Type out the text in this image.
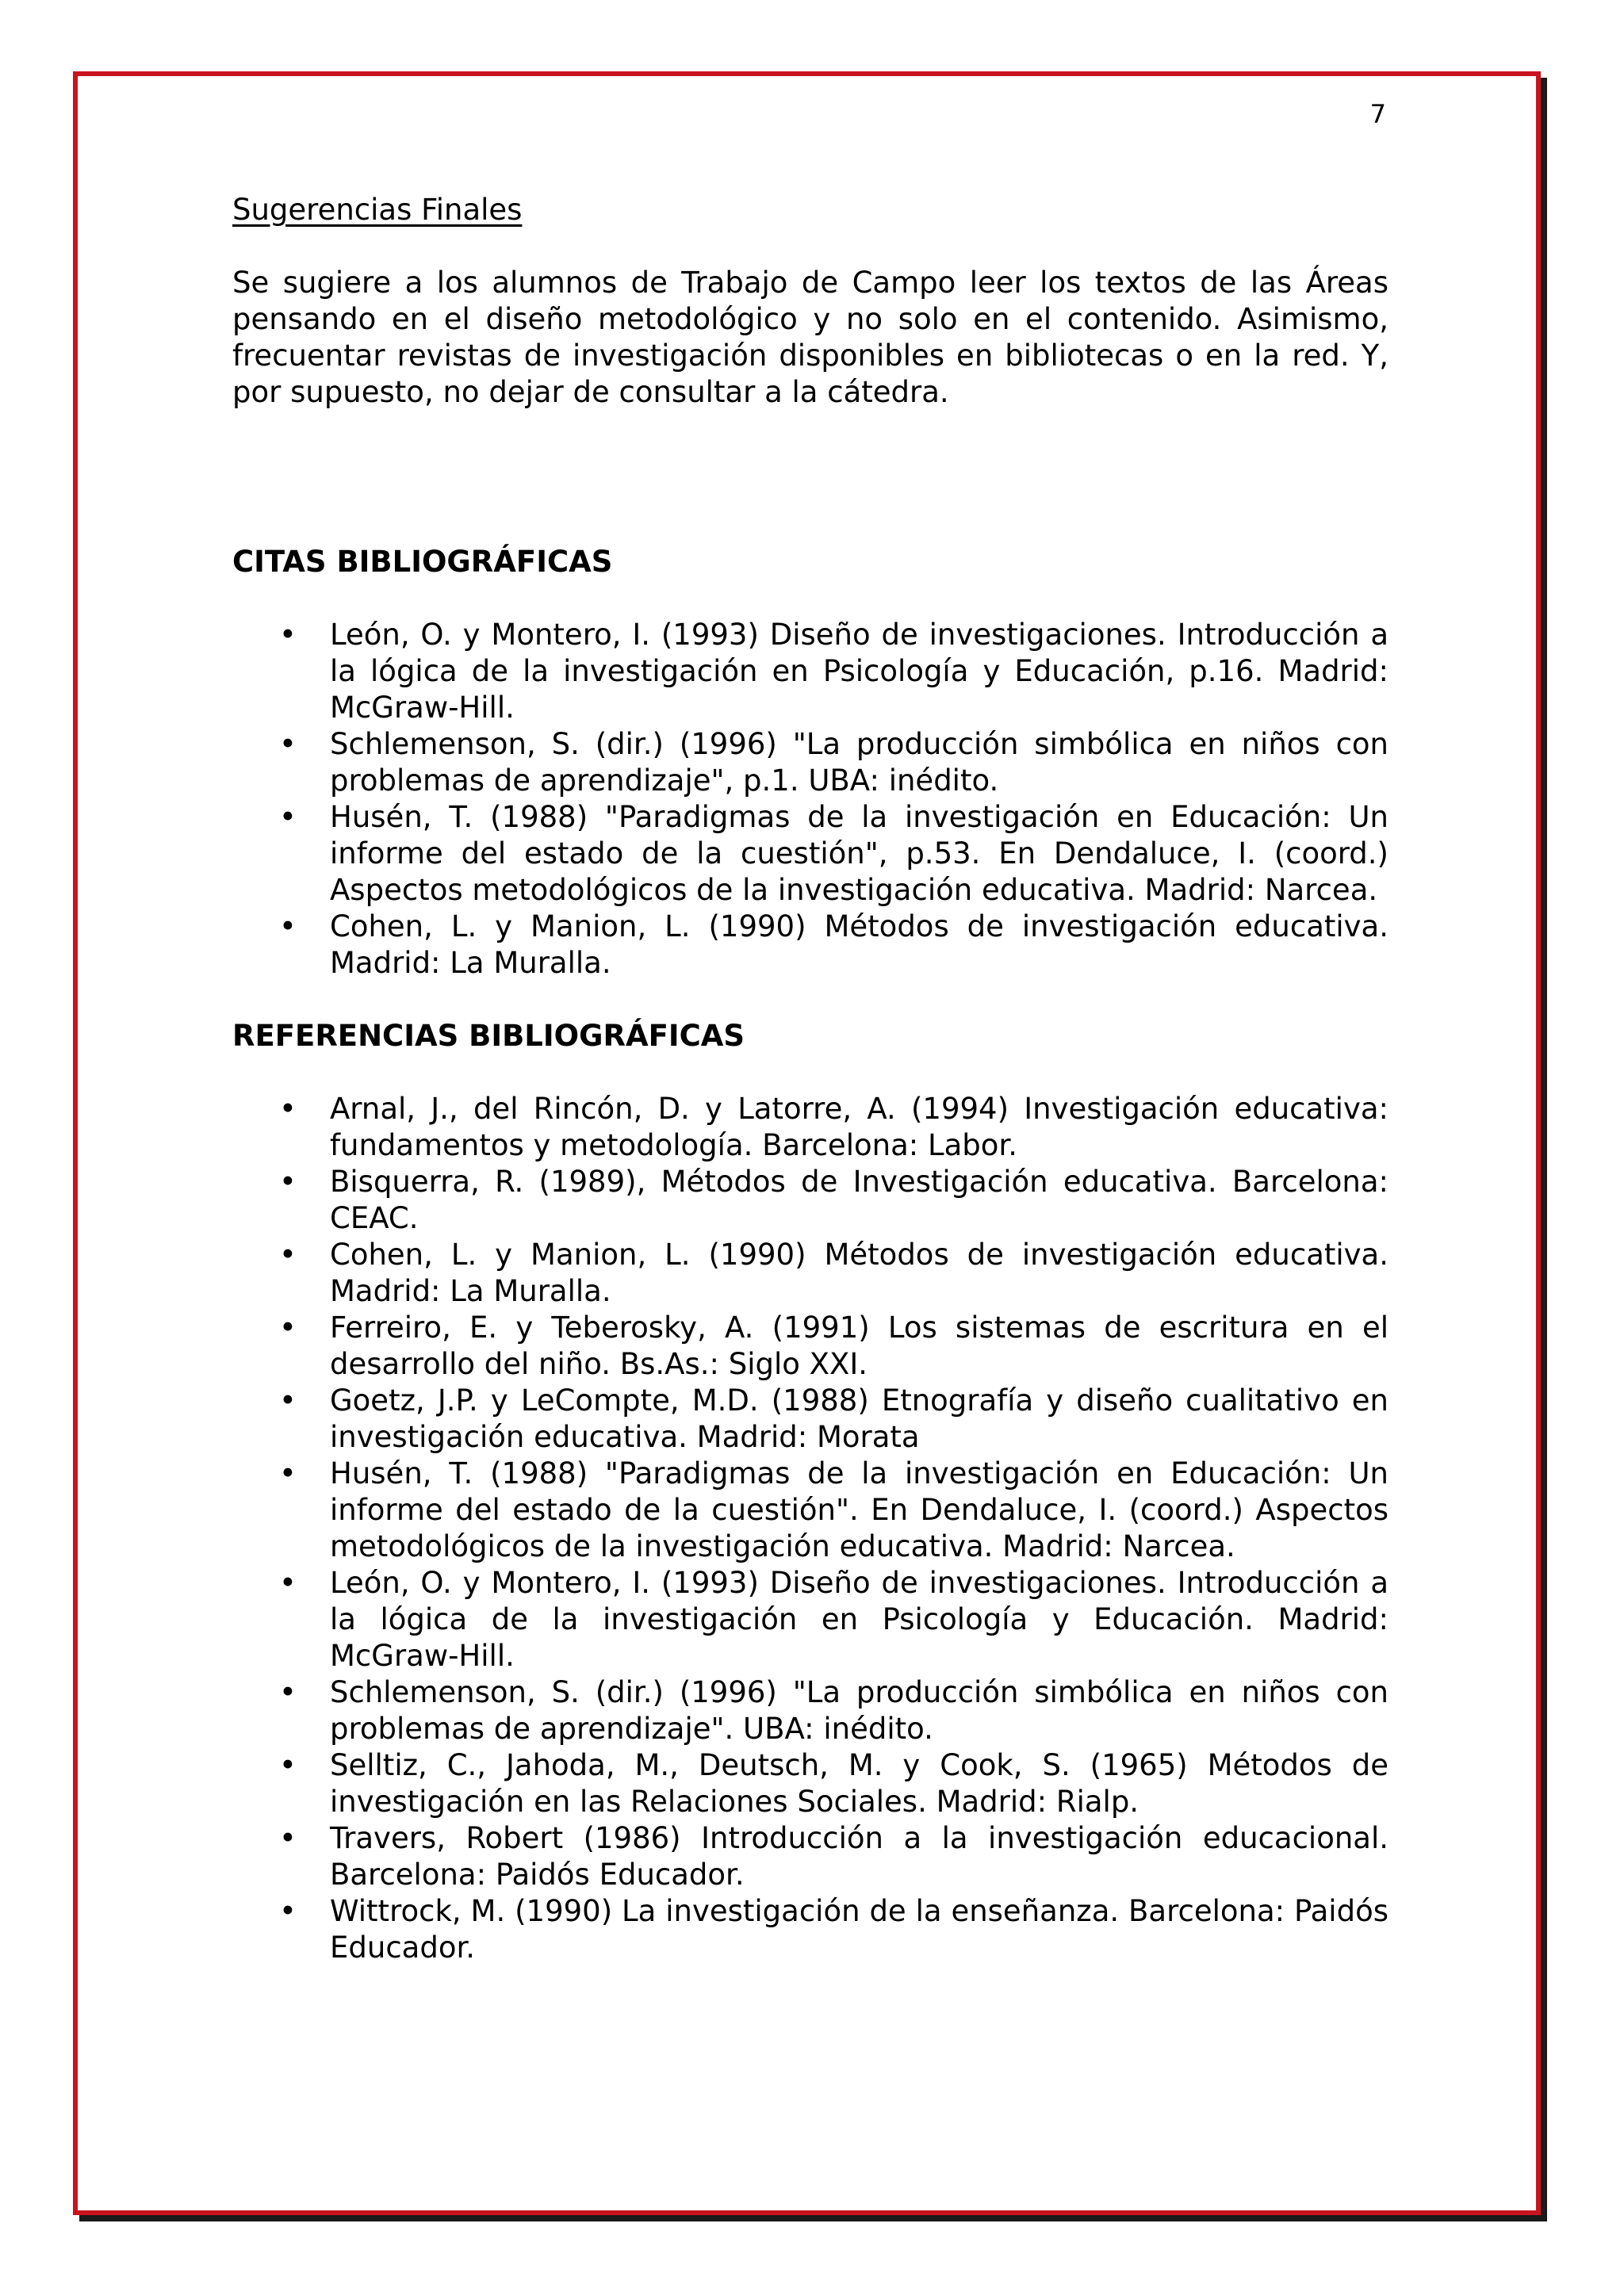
7

Sugerencias Finales

Se sugiere a los alumnos de Trabajo de Campo leer los textos de las Áreas pensando en el diseño metodológico y no solo en el contenido. Asimismo, frecuentar revistas de investigación disponibles en bibliotecas o en la red. Y, por supuesto, no dejar de consultar a la cátedra.

CITAS BIBLIOGRÁFICAS

• León, O. y Montero, I. (1993) Diseño de investigaciones. Introducción a la lógica de la investigación en Psicología y Educación, p.16. Madrid: McGraw-Hill.
• Schlemenson, S. (dir.) (1996) "La producción simbólica en niños con problemas de aprendizaje", p.1. UBA: inédito.
• Husén, T. (1988) "Paradigmas de la investigación en Educación: Un informe del estado de la cuestión", p.53. En Dendaluce, I. (coord.) Aspectos metodológicos de la investigación educativa. Madrid: Narcea.
• Cohen, L. y Manion, L. (1990) Métodos de investigación educativa. Madrid: La Muralla.

REFERENCIAS BIBLIOGRÁFICAS

• Arnal, J., del Rincón, D. y Latorre, A. (1994) Investigación educativa: fundamentos y metodología. Barcelona: Labor.
• Bisquerra, R. (1989), Métodos de Investigación educativa. Barcelona: CEAC.
• Cohen, L. y Manion, L. (1990) Métodos de investigación educativa. Madrid: La Muralla.
• Ferreiro, E. y Teberosky, A. (1991) Los sistemas de escritura en el desarrollo del niño. Bs.As.: Siglo XXI.
• Goetz, J.P. y LeCompte, M.D. (1988) Etnografía y diseño cualitativo en investigación educativa. Madrid: Morata
• Husén, T. (1988) "Paradigmas de la investigación en Educación: Un informe del estado de la cuestión". En Dendaluce, I. (coord.) Aspectos metodológicos de la investigación educativa. Madrid: Narcea.
• León, O. y Montero, I. (1993) Diseño de investigaciones. Introducción a la lógica de la investigación en Psicología y Educación. Madrid: McGraw-Hill.
• Schlemenson, S. (dir.) (1996) "La producción simbólica en niños con problemas de aprendizaje". UBA: inédito.
• Selltiz, C., Jahoda, M., Deutsch, M. y Cook, S. (1965) Métodos de investigación en las Relaciones Sociales. Madrid: Rialp.
• Travers, Robert (1986) Introducción a la investigación educacional. Barcelona: Paidós Educador.
• Wittrock, M. (1990) La investigación de la enseñanza. Barcelona: Paidós Educador.
